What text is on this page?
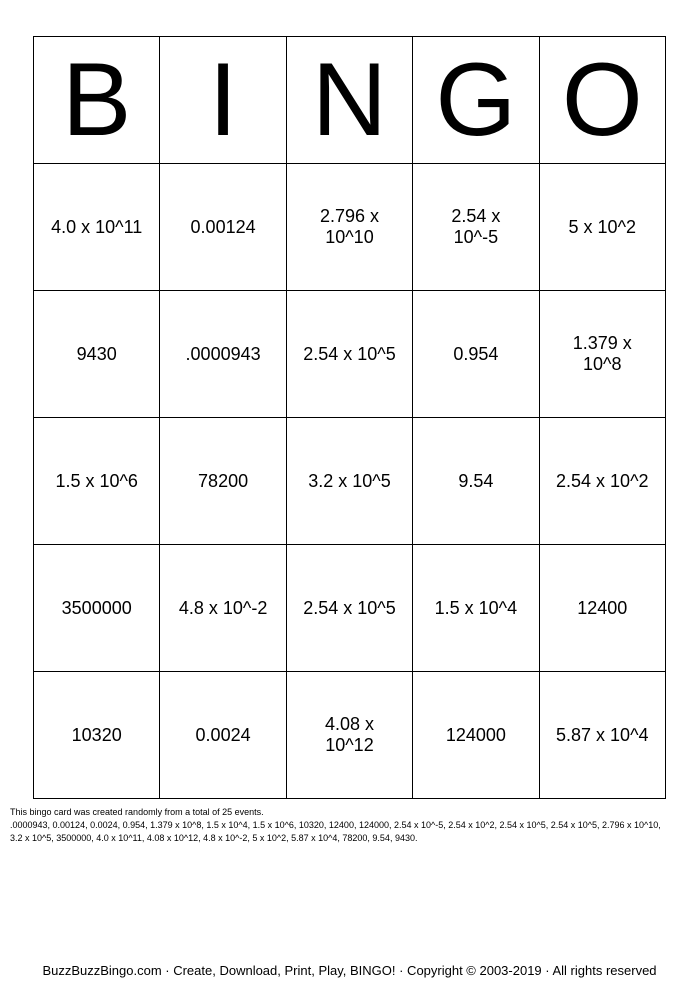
B	I	N	G	O
4.0 x 10^11	0.00124	2.796 x 10^10	2.54 x 10^-5	5 x 10^2
9430	.0000943	2.54 x 10^5	0.954	1.379 x 10^8
1.5 x 10^6	78200	3.2 x 10^5	9.54	2.54 x 10^2
3500000	4.8 x 10^-2	2.54 x 10^5	1.5 x 10^4	12400
10320	0.0024	4.08 x 10^12	124000	5.87 x 10^4

This bingo card was created randomly from a total of 25 events.

.0000943, 0.00124, 0.0024, 0.954, 1.379 x 10^8, 1.5 x 10^4, 1.5 x 10^6, 10320, 12400, 124000, 2.54 x 10^-5, 2.54 x 10^2, 2.54 x 10^5, 2.54 x 10^5, 2.796 x 10^10, 3.2 x 10^5, 3500000, 4.0 x 10^11, 4.08 x 10^12, 4.8 x 10^-2, 5 x 10^2, 5.87 x 10^4, 78200, 9.54, 9430.

BuzzBuzzBingo.com · Create, Download, Print, Play, BINGO! · Copyright © 2003-2019 · All rights reserved
